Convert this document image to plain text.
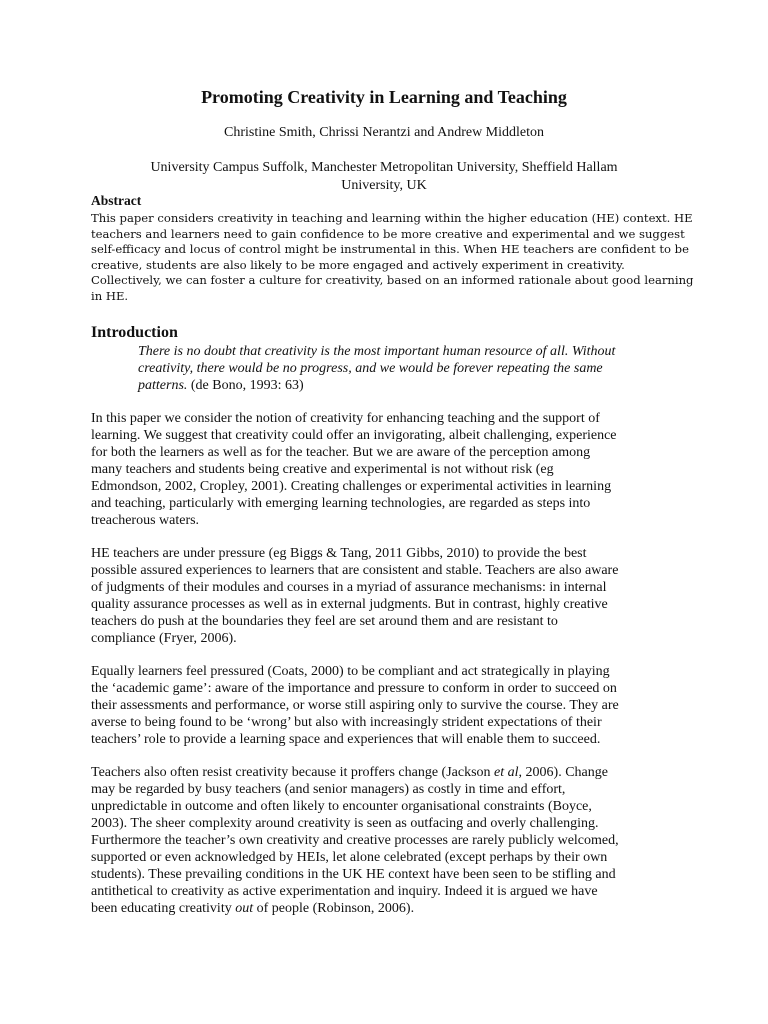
Promoting Creativity in Learning and Teaching
Christine Smith, Chrissi Nerantzi and Andrew Middleton
University Campus Suffolk, Manchester Metropolitan University, Sheffield Hallam
University, UK
Abstract
This paper considers creativity in teaching and learning within the higher education (HE) context. HE
teachers and learners need to gain confidence to be more creative and experimental and we suggest
self-efficacy and locus of control might be instrumental in this. When HE teachers are confident to be
creative, students are also likely to be more engaged and actively experiment in creativity.
Collectively, we can foster a culture for creativity, based on an informed rationale about good learning
in HE.
Introduction
There is no doubt that creativity is the most important human resource of all. Without
creativity, there would be no progress, and we would be forever repeating the same
patterns. (de Bono, 1993: 63)
In this paper we consider the notion of creativity for enhancing teaching and the support of
learning. We suggest that creativity could offer an invigorating, albeit challenging, experience
for both the learners as well as for the teacher. But we are aware of the perception among
many teachers and students being creative and experimental is not without risk (eg
Edmondson, 2002, Cropley, 2001). Creating challenges or experimental activities in learning
and teaching, particularly with emerging learning technologies, are regarded as steps into
treacherous waters.
HE teachers are under pressure (eg Biggs & Tang, 2011 Gibbs, 2010) to provide the best
possible assured experiences to learners that are consistent and stable. Teachers are also aware
of judgments of their modules and courses in a myriad of assurance mechanisms: in internal
quality assurance processes as well as in external judgments. But in contrast, highly creative
teachers do push at the boundaries they feel are set around them and are resistant to
compliance (Fryer, 2006).
Equally learners feel pressured (Coats, 2000) to be compliant and act strategically in playing
the ‘academic game’: aware of the importance and pressure to conform in order to succeed on
their assessments and performance, or worse still aspiring only to survive the course. They are
averse to being found to be ‘wrong’ but also with increasingly strident expectations of their
teachers’ role to provide a learning space and experiences that will enable them to succeed.
Teachers also often resist creativity because it proffers change (Jackson et al, 2006). Change
may be regarded by busy teachers (and senior managers) as costly in time and effort,
unpredictable in outcome and often likely to encounter organisational constraints (Boyce,
2003). The sheer complexity around creativity is seen as outfacing and overly challenging.
Furthermore the teacher’s own creativity and creative processes are rarely publicly welcomed,
supported or even acknowledged by HEIs, let alone celebrated (except perhaps by their own
students). These prevailing conditions in the UK HE context have been seen to be stifling and
antithetical to creativity as active experimentation and inquiry. Indeed it is argued we have
been educating creativity out of people (Robinson, 2006).
